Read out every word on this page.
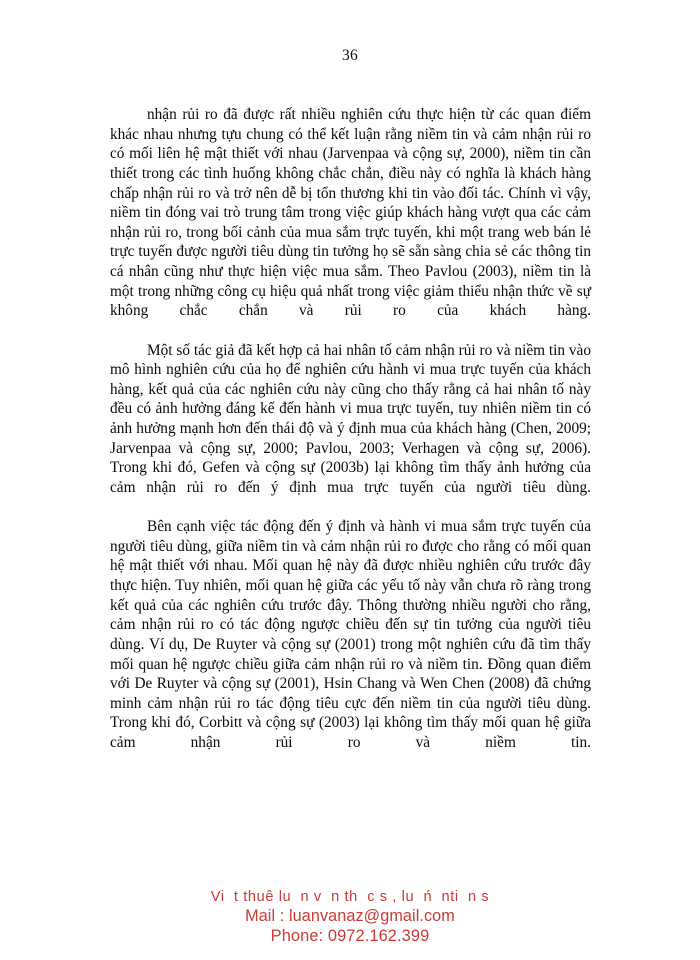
36

nhận rủi ro đã được rất nhiều nghiên cứu thực hiện từ các quan điểm khác nhau nhưng tựu chung có thể kết luận rằng niềm tin và cảm nhận rủi ro có mối liên hệ mật thiết với nhau (Jarvenpaa và cộng sự, 2000), niềm tin cần thiết trong các tình huống không chắc chắn, điều này có nghĩa là khách hàng chấp nhận rủi ro và trở nên dễ bị tổn thương khi tin vào đối tác. Chính vì vậy, niềm tin đóng vai trò trung tâm trong việc giúp khách hàng vượt qua các cảm nhận rủi ro, trong bối cảnh của mua sắm trực tuyến, khi một trang web bán lẻ trực tuyến được người tiêu dùng tin tưởng họ sẽ sẵn sàng chia sẻ các thông tin cá nhân cũng như thực hiện việc mua sắm. Theo Pavlou (2003), niềm tin là một trong những công cụ hiệu quả nhất trong việc giảm thiểu nhận thức về sự không chắc chắn và rủi ro của khách hàng.

Một số tác giả đã kết hợp cả hai nhân tố cảm nhận rủi ro và niềm tin vào mô hình nghiên cứu của họ để nghiên cứu hành vi mua trực tuyến của khách hàng, kết quả của các nghiên cứu này cũng cho thấy rằng cả hai nhân tố này đều có ảnh hưởng đáng kể đến hành vi mua trực tuyến, tuy nhiên niềm tin có ảnh hưởng mạnh hơn đến thái độ và ý định mua của khách hàng (Chen, 2009; Jarvenpaa và cộng sự, 2000; Pavlou, 2003; Verhagen và cộng sự, 2006). Trong khi đó, Gefen và cộng sự (2003b) lại không tìm thấy ảnh hưởng của cảm nhận rủi ro đến ý định mua trực tuyến của người tiêu dùng.

Bên cạnh việc tác động đến ý định và hành vi mua sắm trực tuyến của người tiêu dùng, giữa niềm tin và cảm nhận rủi ro được cho rằng có mối quan hệ mật thiết với nhau. Mối quan hệ này đã được nhiều nghiên cứu trước đây thực hiện. Tuy nhiên, mối quan hệ giữa các yếu tố này vẫn chưa rõ ràng trong kết quả của các nghiên cứu trước đây. Thông thường nhiều người cho rằng, cảm nhận rủi ro có tác động ngược chiều đến sự tin tưởng của người tiêu dùng. Ví dụ, De Ruyter và cộng sự (2001) trong một nghiên cứu đã tìm thấy mối quan hệ ngược chiều giữa cảm nhận rủi ro và niềm tin. Đồng quan điểm với De Ruyter và cộng sự (2001), Hsin Chang và Wen Chen (2008) đã chứng minh cảm nhận rủi ro tác động tiêu cực đến niềm tin của người tiêu dùng. Trong khi đó, Corbitt và cộng sự (2003) lại không tìm thấy mối quan hệ giữa cảm nhận rủi ro và niềm tin.

Vi  t thuê lu  n v  n th  c s , lu  ń  nti  n s
Mail : luanvanaz@gmail.com
Phone: 0972.162.399
